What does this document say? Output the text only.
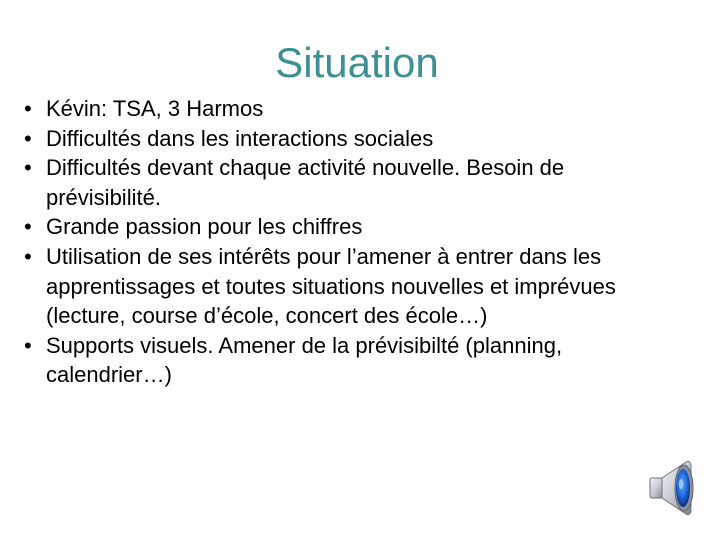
Situation
• Kévin: TSA, 3 Harmos
• Difficultés dans les interactions sociales
• Difficultés devant chaque activité nouvelle. Besoin de prévisibilité.
• Grande passion pour les chiffres
• Utilisation de ses intérêts pour l’amener à entrer dans les apprentissages et toutes situations nouvelles et imprévues (lecture, course d’école, concert des école…)
• Supports visuels. Amener de la prévisibilté (planning, calendrier…)
